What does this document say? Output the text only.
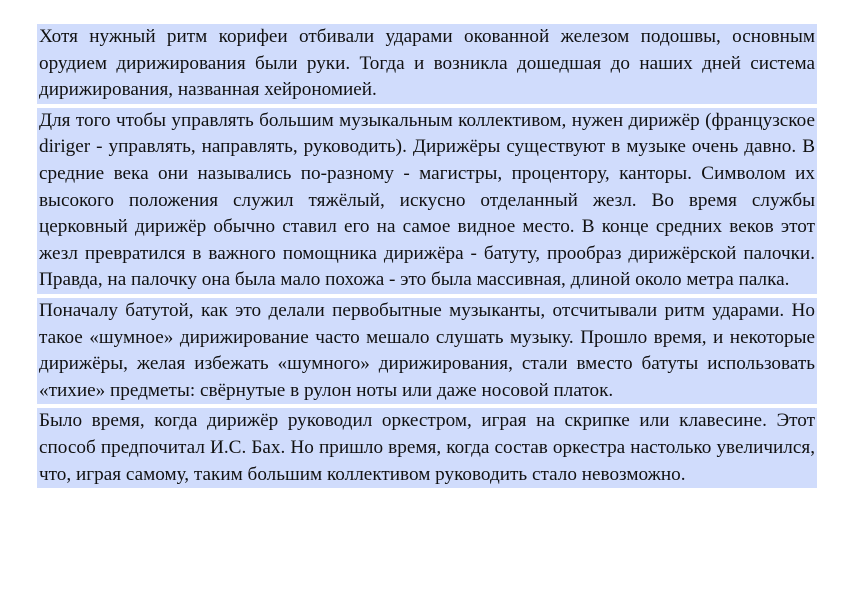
Хотя нужный ритм корифеи отбивали ударами окованной железом подошвы, основным орудием дирижирования были руки. Тогда и возникла дошедшая до наших дней система дирижирования, названная хейрономией.

Для того чтобы управлять большим музыкальным коллективом, нужен дирижёр (французское diriger - управлять, направлять, руководить). Дирижёры существуют в музыке очень давно. В средние века они назывались по-разному - магистры, процентору, канторы. Символом их высокого положения служил тяжёлый, искусно отделанный жезл. Во время службы церковный дирижёр обычно ставил его на самое видное место. В конце средних веков этот жезл превратился в важного помощника дирижёра - батуту, прообраз дирижёрской палочки. Правда, на палочку она была мало похожа - это была массивная, длиной около метра палка.

Поначалу батутой, как это делали первобытные музыканты, отсчитывали ритм ударами. Но такое «шумное» дирижирование часто мешало слушать музыку. Прошло время, и некоторые дирижёры, желая избежать «шумного» дирижирования, стали вместо батуты использовать «тихие» предметы: свёрнутые в рулон ноты или даже носовой платок.

Было время, когда дирижёр руководил оркестром, играя на скрипке или клавесине. Этот способ предпочитал И.С. Бах. Но пришло время, когда состав оркестра настолько увеличился, что, играя самому, таким большим коллективом руководить стало невозможно.
